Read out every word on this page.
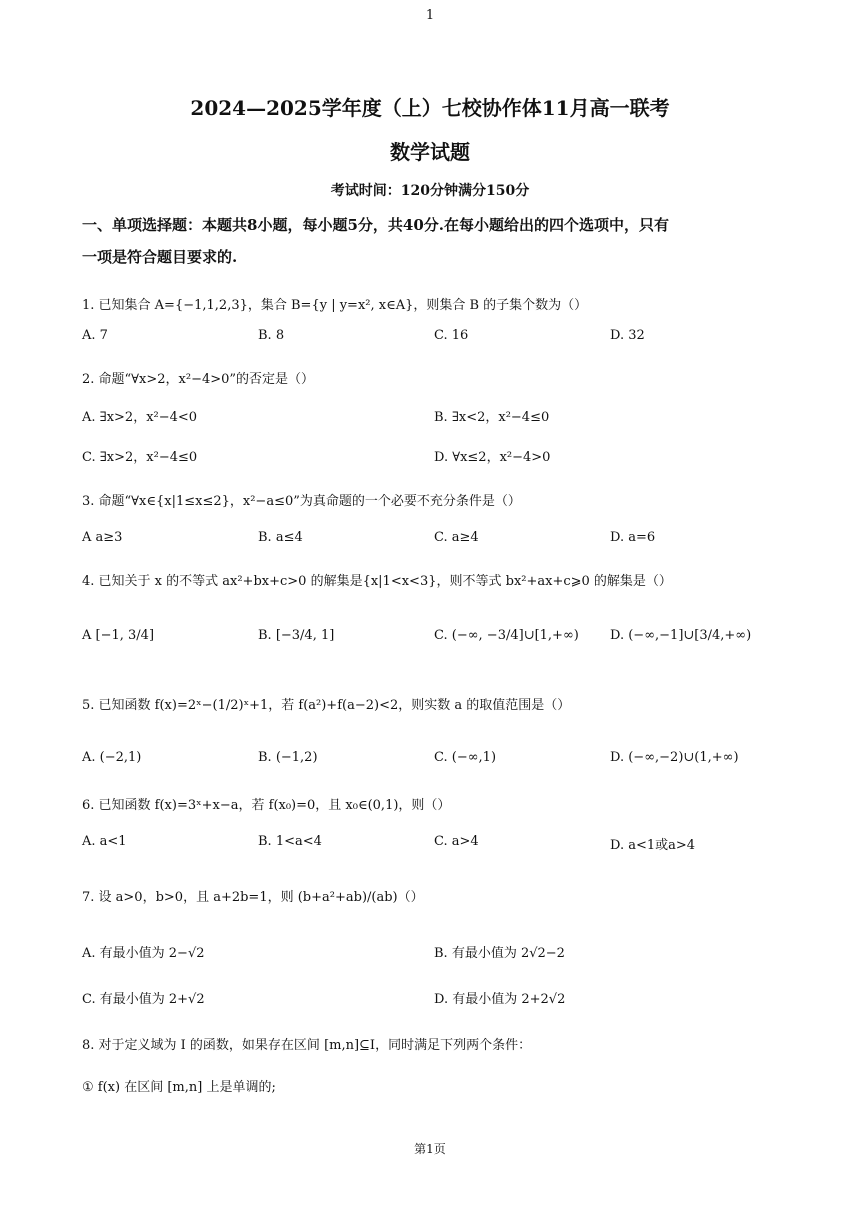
1
2024—2025学年度（上）七校协作体11月高一联考
数学试题
考试时间：120分钟满分150分
一、单项选择题：本题共8小题，每小题5分，共40分.在每小题给出的四个选项中，只有
一项是符合题目要求的.
1. 已知集合 A={−1,1,2,3}，集合 B={y | y=x², x∈A}，则集合 B 的子集个数为（）
A. 7	B. 8	C. 16	D. 32
2. 命题“∀x>2，x²−4>0”的否定是（）
A. ∃x>2，x²−4<0	B. ∃x<2，x²−4≤0
C. ∃x>2，x²−4≤0	D. ∀x≤2，x²−4>0
3. 命题“∀x∈{x|1≤x≤2}，x²−a≤0”为真命题的一个必要不充分条件是（）
A a≥3	B. a≤4	C. a≥4	D. a=6
4. 已知关于 x 的不等式 ax²+bx+c>0 的解集是{x|1<x<3}，则不等式 bx²+ax+c⩾0 的解集是（）
A [−1, 3/4]	B. [−3/4, 1]	C. (−∞, −3/4]∪[1,+∞) D. (−∞,−1]∪[3/4,+∞)
5. 已知函数 f(x)=2ˣ−(1/2)ˣ+1，若 f(a²)+f(a−2)<2，则实数 a 的取值范围是（）
A. (−2,1)	B. (−1,2)	C. (−∞,1)	D. (−∞,−2)∪(1,+∞)
6. 已知函数 f(x)=3ˣ+x−a，若 f(x₀)=0，且 x₀∈(0,1)，则（）
A. a<1	B. 1<a<4	C. a>4	D. a<1或a>4
7. 设 a>0，b>0，且 a+2b=1，则 (b+a²+ab)/(ab)（）
A. 有最小值为 2−√2	B. 有最小值为 2√2−2
C. 有最小值为 2+√2	D. 有最小值为 2+2√2
8. 对于定义域为 I 的函数，如果存在区间 [m,n]⊆I，同时满足下列两个条件：
① f(x) 在区间 [m,n] 上是单调的;
第1页
